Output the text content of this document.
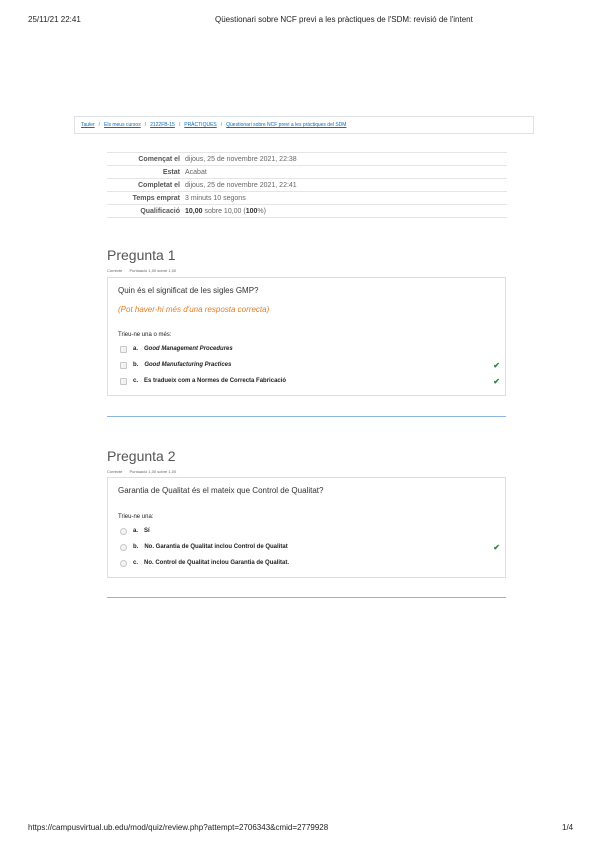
25/11/21 22:41	Qüestionari sobre NCF previ a les pràctiques de l'SDM: revisió de l'intent
Tauler / Els meus cursos / 2122FB-15 / PRÀCTIQUES / Qüestionari sobre NCF previ a les pràctiques del SDM
Començat el	dijous, 25 de novembre 2021, 22:38
Estat	Acabat
Completat el	dijous, 25 de novembre 2021, 22:41
Temps emprat	3 minuts 10 segons
Qualificació	10,00 sobre 10,00 (100%)
Pregunta 1
Correcte Puntuació 1,00 sobre 1,00
Quin és el significat de les sigles GMP?
(Pot haver-hi més d'una resposta correcta)
Trieu-ne una o més:
a. Good Management Procedures
b. Good Manufacturing Practices	✔
c. Es tradueix com a Normes de Correcta Fabricació	✔
Pregunta 2
Correcte Puntuació 1,00 sobre 1,00
Garantia de Qualitat és el mateix que Control de Qualitat?
Trieu-ne una:
a. Sí
b. No. Garantia de Qualitat inclou Control de Qualitat	✔
c. No. Control de Qualitat inclou Garantia de Qualitat.
https://campusvirtual.ub.edu/mod/quiz/review.php?attempt=2706343&cmid=2779928	1/4
